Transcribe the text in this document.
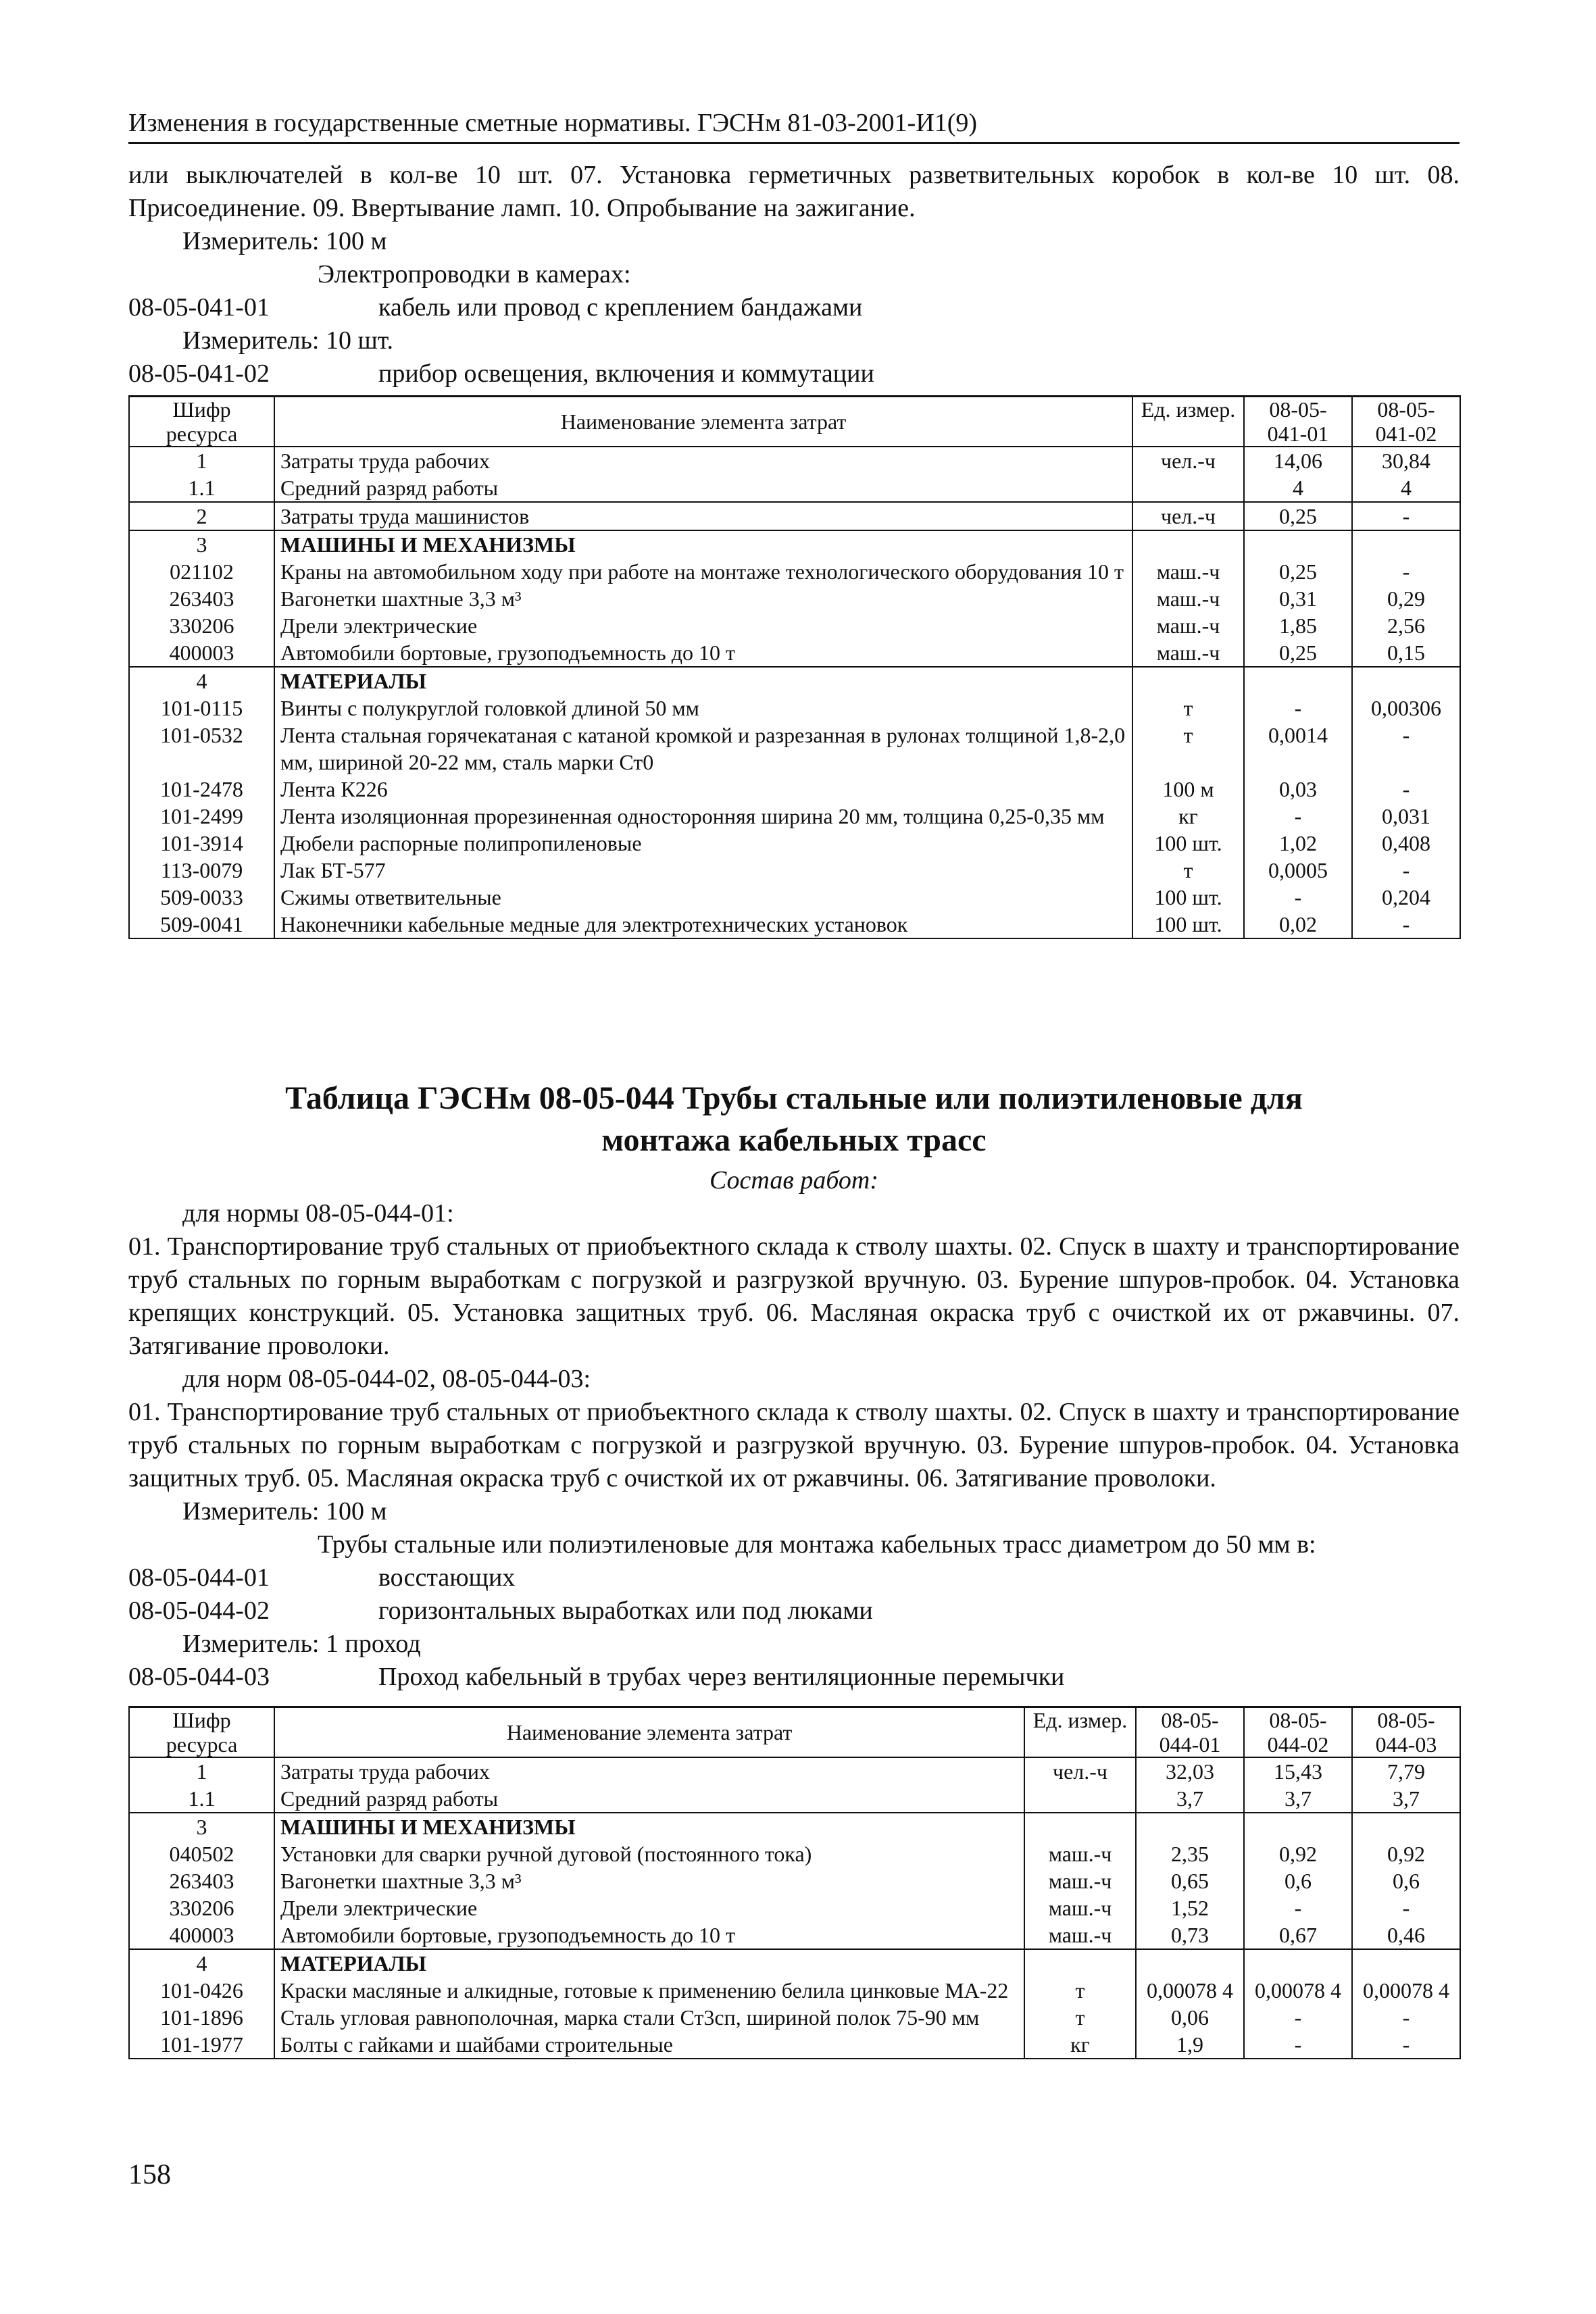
Изменения в государственные сметные нормативы. ГЭСНм 81-03-2001-И1(9)

или выключателей в кол-ве 10 шт. 07. Установка герметичных разветвительных коробок в кол-ве 10 шт. 08. Присоединение. 09. Ввертывание ламп. 10. Опробывание на зажигание.

Измеритель: 100 м

Электропроводки в камерах:

08-05-041-01	кабель или провод с креплением бандажами

Измеритель: 10 шт.

08-05-041-02	прибор освещения, включения и коммутации
Шифр ресурса	Наименование элемента затрат	Ед. измер.	08-05-041-01	08-05-041-02
1	Затраты труда рабочих	чел.-ч	14,06	30,84
1.1	Средний разряд работы		4	4
2	Затраты труда машинистов	чел.-ч	0,25	-
3	МАШИНЫ И МЕХАНИЗМЫ			
021102	Краны на автомобильном ходу при работе на монтаже технологического оборудования 10 т	маш.-ч	0,25	-
263403	Вагонетки шахтные 3,3 м³	маш.-ч	0,31	0,29
330206	Дрели электрические	маш.-ч	1,85	2,56
400003	Автомобили бортовые, грузоподъемность до 10 т	маш.-ч	0,25	0,15
4	МАТЕРИАЛЫ			
101-0115	Винты с полукруглой головкой длиной 50 мм	т	-	0,00306
101-0532	Лента стальная горячекатаная с катаной кромкой и разрезанная в рулонах толщиной 1,8-2,0 мм, шириной 20-22 мм, сталь марки Ст0	т	0,0014	-
101-2478	Лента К226	100 м	0,03	-
101-2499	Лента изоляционная прорезиненная односторонняя ширина 20 мм, толщина 0,25-0,35 мм	кг	-	0,031
101-3914	Дюбели распорные полипропиленовые	100 шт.	1,02	0,408
113-0079	Лак БТ-577	т	0,0005	-
509-0033	Сжимы ответвительные	100 шт.	-	0,204
509-0041	Наконечники кабельные медные для электротехнических установок	100 шт.	0,02	-
Таблица ГЭСНм 08-05-044 Трубы стальные или полиэтиленовые для монтажа кабельных трасс

Состав работ:

для нормы 08-05-044-01:

01. Транспортирование труб стальных от приобъектного склада к стволу шахты. 02. Спуск в шахту и транспортирование труб стальных по горным выработкам с погрузкой и разгрузкой вручную. 03. Бурение шпуров-пробок. 04. Установка крепящих конструкций. 05. Установка защитных труб. 06. Масляная окраска труб с очисткой их от ржавчины. 07. Затягивание проволоки.

для норм 08-05-044-02, 08-05-044-03:

01. Транспортирование труб стальных от приобъектного склада к стволу шахты. 02. Спуск в шахту и транспортирование труб стальных по горным выработкам с погрузкой и разгрузкой вручную. 03. Бурение шпуров-пробок. 04. Установка защитных труб. 05. Масляная окраска труб с очисткой их от ржавчины. 06. Затягивание проволоки.

Измеритель: 100 м

Трубы стальные или полиэтиленовые для монтажа кабельных трасс диаметром до 50 мм в:

08-05-044-01	восстающих
08-05-044-02	горизонтальных выработках или под люками

Измеритель: 1 проход

08-05-044-03	Проход кабельный в трубах через вентиляционные перемычки
Шифр ресурса	Наименование элемента затрат	Ед. измер.	08-05-044-01	08-05-044-02	08-05-044-03
1	Затраты труда рабочих	чел.-ч	32,03	15,43	7,79
1.1	Средний разряд работы		3,7	3,7	3,7
3	МАШИНЫ И МЕХАНИЗМЫ				
040502	Установки для сварки ручной дуговой (постоянного тока)	маш.-ч	2,35	0,92	0,92
263403	Вагонетки шахтные 3,3 м³	маш.-ч	0,65	0,6	0,6
330206	Дрели электрические	маш.-ч	1,52	-	-
400003	Автомобили бортовые, грузоподъемность до 10 т	маш.-ч	0,73	0,67	0,46
4	МАТЕРИАЛЫ				
101-0426	Краски масляные и алкидные, готовые к применению белила цинковые МА-22	т	0,00078 4	0,00078 4	0,00078 4
101-1896	Сталь угловая равнополочная, марка стали Ст3сп, шириной полок 75-90 мм	т	0,06	-	-
101-1977	Болты с гайками и шайбами строительные	кг	1,9	-	-
158
